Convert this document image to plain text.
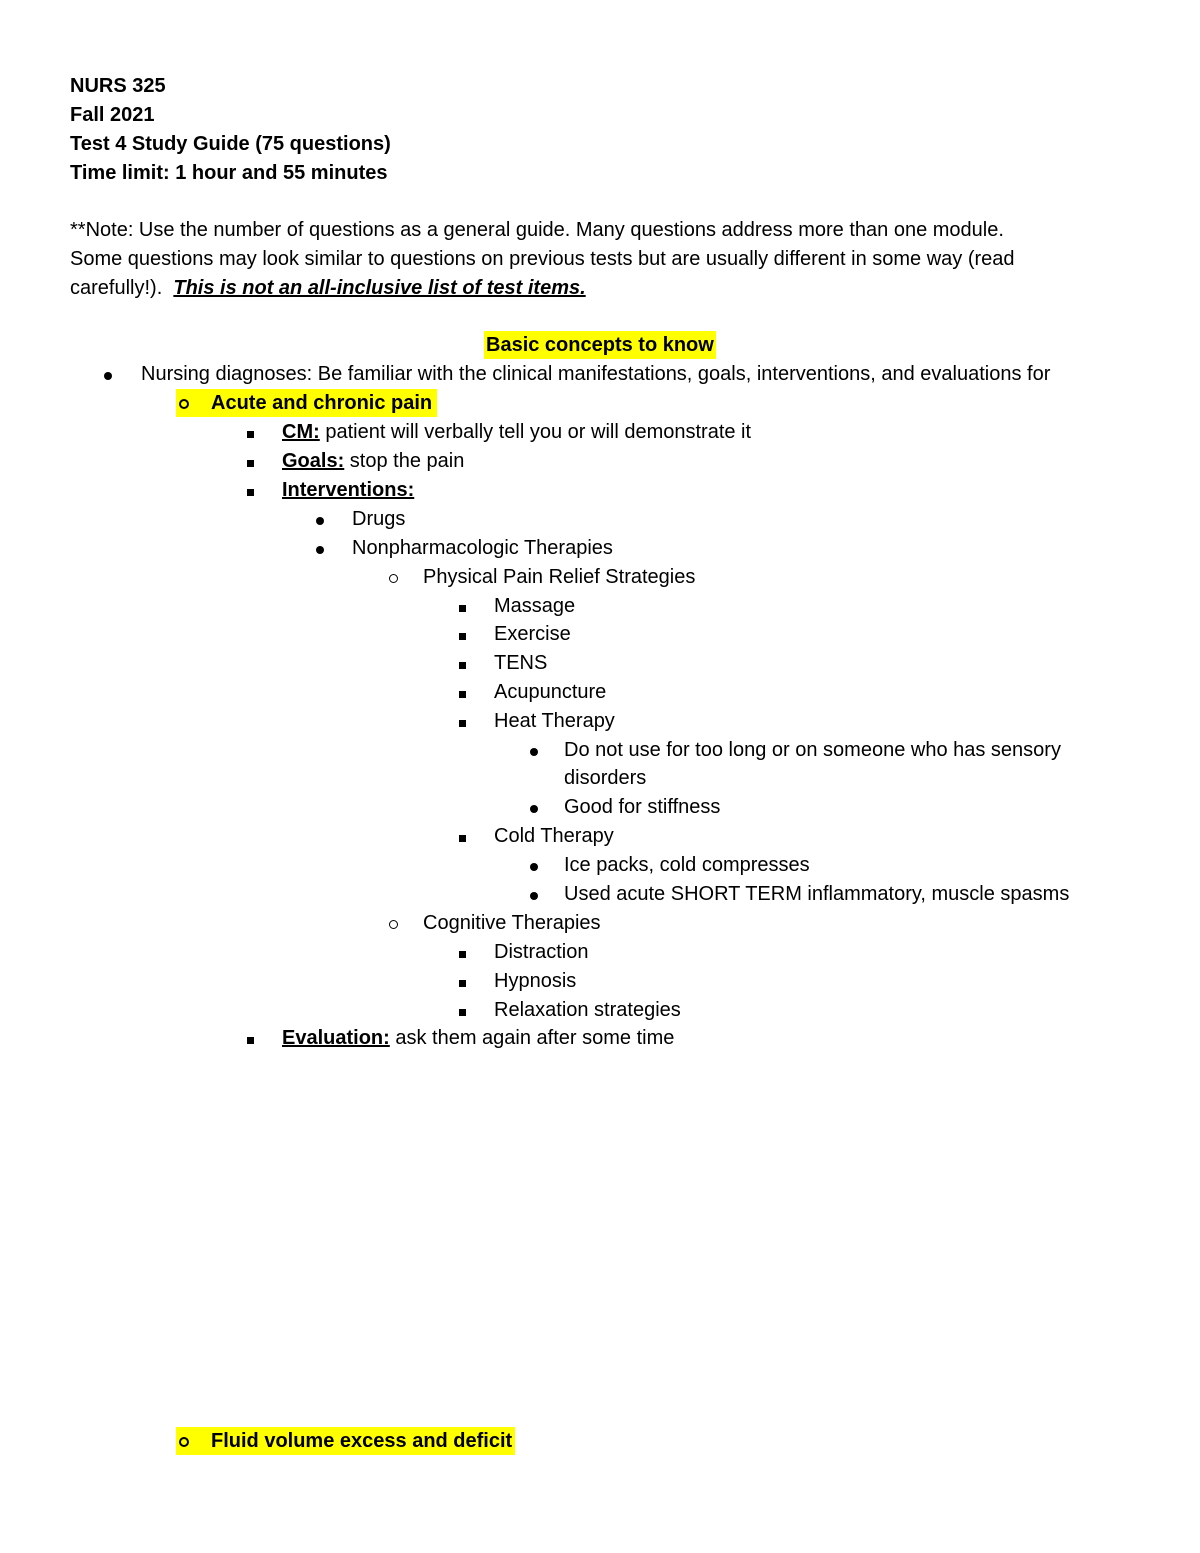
NURS 325
Fall 2021
Test 4 Study Guide (75 questions)
Time limit: 1 hour and 55 minutes
**Note: Use the number of questions as a general guide. Many questions address more than one module.
Some questions may look similar to questions on previous tests but are usually different in some way (read
carefully!).  This is not an all-inclusive list of test items.
Basic concepts to know
Nursing diagnoses: Be familiar with the clinical manifestations, goals, interventions, and evaluations for
Acute and chronic pain
CM: patient will verbally tell you or will demonstrate it
Goals: stop the pain
Interventions:
Drugs
Nonpharmacologic Therapies
Physical Pain Relief Strategies
Massage
Exercise
TENS
Acupuncture
Heat Therapy
Do not use for too long or on someone who has sensory
disorders
Good for stiffness
Cold Therapy
Ice packs, cold compresses
Used acute SHORT TERM inflammatory, muscle spasms
Cognitive Therapies
Distraction
Hypnosis
Relaxation strategies
Evaluation: ask them again after some time
Fluid volume excess and deficit
